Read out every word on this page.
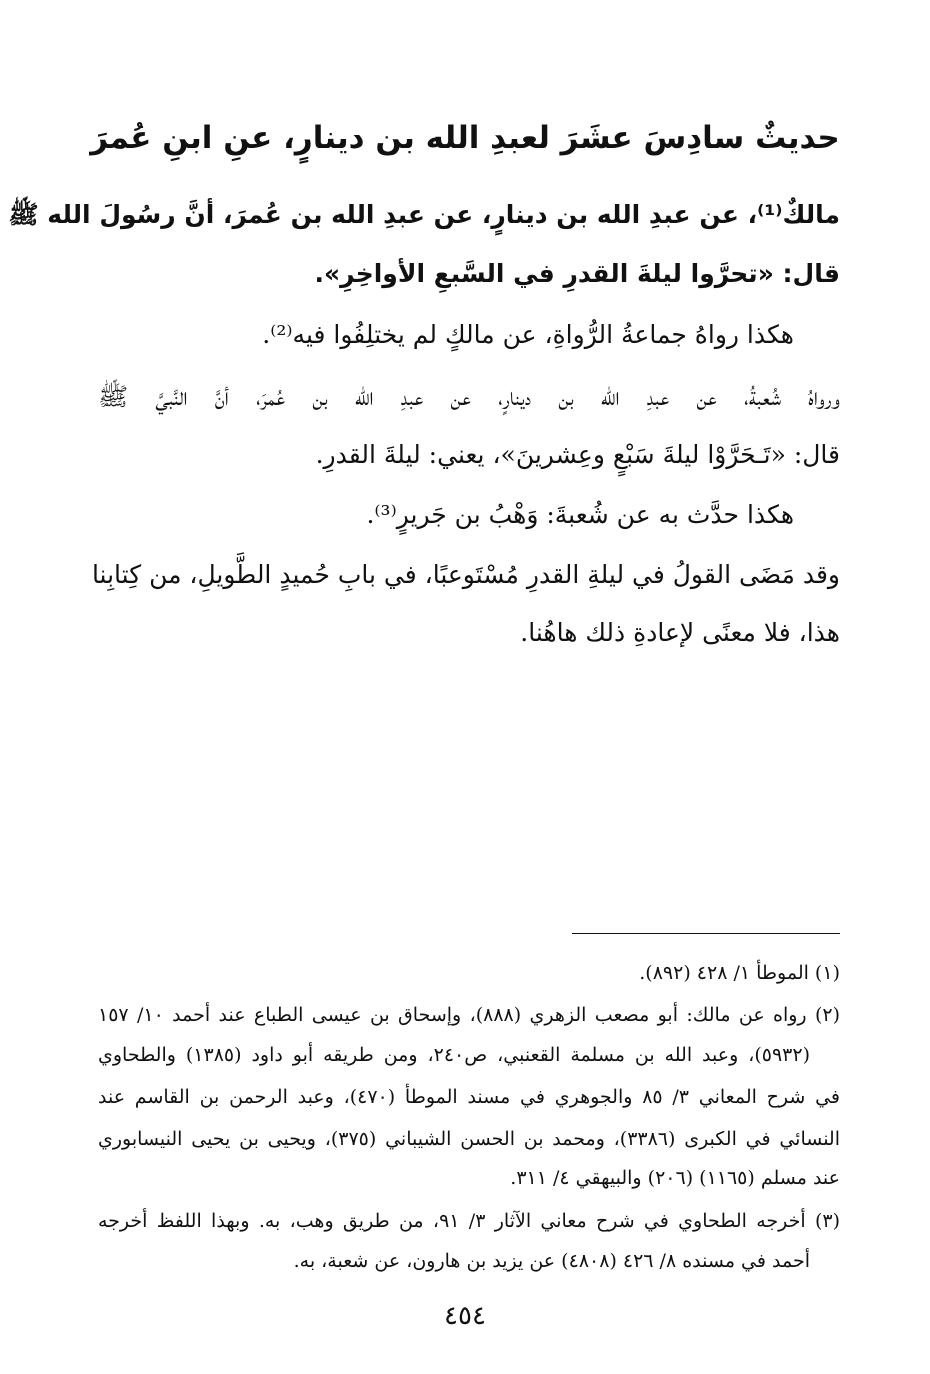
حديثٌ سادِسَ عشَرَ لعبدِ الله بن دينارٍ، عنِ ابنِ عُمرَ
مالكٌ⁽¹⁾، عن عبدِ الله بن دينارٍ، عن عبدِ الله بن عُمرَ، أنَّ رسُولَ الله ﷺ
قال: «تحرَّوا ليلةَ القدرِ في السَّبعِ الأواخِرِ».
هكذا رواهُ جماعةُ الرُّواةِ، عن مالكٍ لم يختلِفُوا فيه⁽²⁾.
ورواهُ شُعبةُ، عن عبدِ الله بن دينارٍ، عن عبدِ الله بن عُمرَ، أنَّ النَّبيَّ ﷺ
قال: «تَـحَرَّوْا ليلةَ سَبْعٍ وعِشرينَ»، يعني: ليلةَ القدرِ.
هكذا حدَّث به عن شُعبةَ: وَهْبُ بن جَريرٍ⁽³⁾.
وقد مَضَى القولُ في ليلةِ القدرِ مُسْتَوعبًا، في بابِ حُميدٍ الطَّويلِ، من كِتابِنا
هذا، فلا معنًى لإعادةِ ذلك هاهُنا.
(١) الموطأ ١/ ٤٢٨ (٨٩٢).
(٢) رواه عن مالك: أبو مصعب الزهري (٨٨٨)، وإسحاق بن عيسى الطباع عند أحمد ١٠/ ١٥٧
(٥٩٣٢)، وعبد الله بن مسلمة القعنبي، ص٢٤٠، ومن طريقه أبو داود (١٣٨٥) والطحاوي
في شرح المعاني ٣/ ٨٥ والجوهري في مسند الموطأ (٤٧٠)، وعبد الرحمن بن القاسم عند
النسائي في الكبرى (٣٣٨٦)، ومحمد بن الحسن الشيباني (٣٧٥)، ويحيى بن يحيى النيسابوري
عند مسلم (١١٦٥) (٢٠٦) والبيهقي ٤/ ٣١١.
(٣) أخرجه الطحاوي في شرح معاني الآثار ٣/ ٩١، من طريق وهب، به. وبهذا اللفظ أخرجه
أحمد في مسنده ٨/ ٤٢٦ (٤٨٠٨) عن يزيد بن هارون، عن شعبة، به.
٤٥٤
